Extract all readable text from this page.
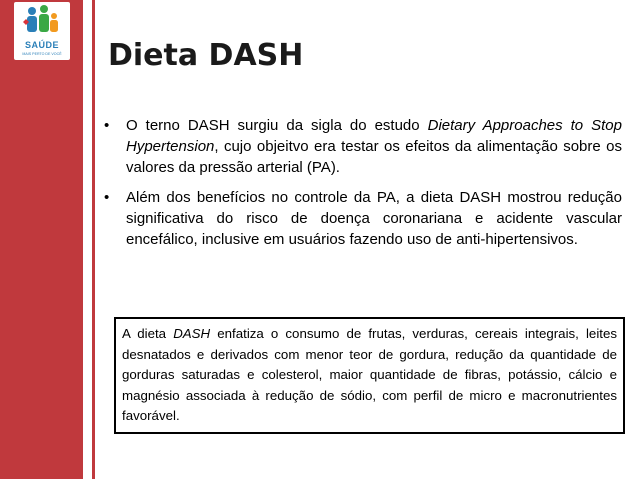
SAÚDE
MAIS PERTO DE VOCÊ Dieta DASH
• O terno DASH surgiu da sigla do estudo Dietary Approaches to Stop Hypertension, cujo objeitvo era testar os efeitos da alimentação sobre os valores da pressão arterial (PA).
• Além dos benefícios no controle da PA, a dieta DASH mostrou redução significativa do risco de doença coronariana e acidente vascular encefálico, inclusive em usuários fazendo uso de anti-hipertensivos.
A dieta DASH enfatiza o consumo de frutas, verduras, cereais integrais, leites desnatados e derivados com menor teor de gordura, redução da quantidade de gorduras saturadas e colesterol, maior quantidade de fibras, potássio, cálcio e magnésio associada à redução de sódio, com perfil de micro e macronutrientes favorável.
